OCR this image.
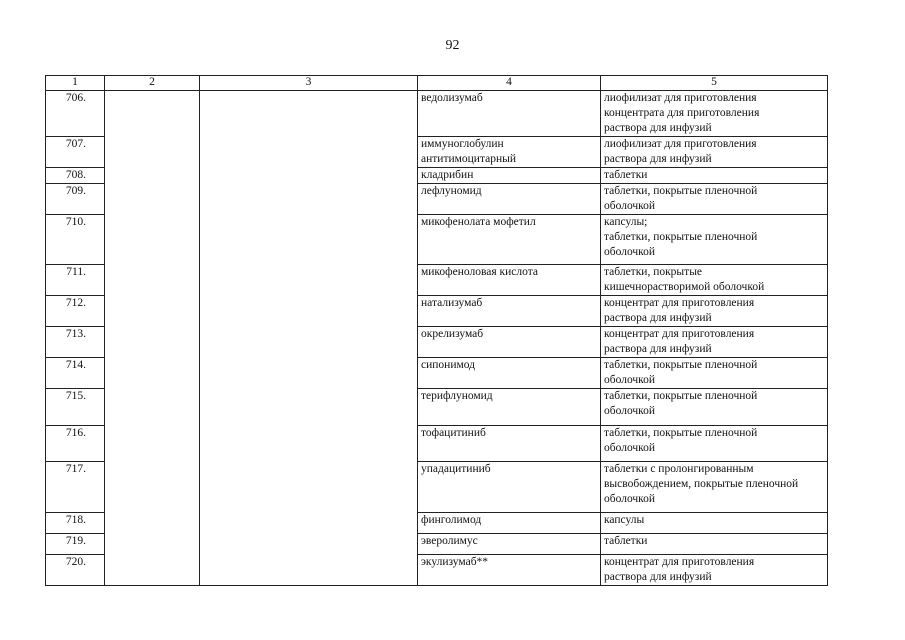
92
1	2	3	4	5
706.			ведолизумаб	лиофилизат для приготовления
концентрата для приготовления
раствора для инфузий
707.			иммуноглобулин
антитимоцитарный	лиофилизат для приготовления
раствора для инфузий
708.			кладрибин	таблетки
709.			лефлуномид	таблетки, покрытые пленочной
оболочкой
710.			микофенолата мофетил	капсулы;
таблетки, покрытые пленочной
оболочкой
711.			микофеноловая кислота	таблетки, покрытые
кишечнорастворимой оболочкой
712.			натализумаб	концентрат для приготовления
раствора для инфузий
713.			окрелизумаб	концентрат для приготовления
раствора для инфузий
714.			сипонимод	таблетки, покрытые пленочной
оболочкой
715.			терифлуномид	таблетки, покрытые пленочной
оболочкой
716.			тофацитиниб	таблетки, покрытые пленочной
оболочкой
717.			упадацитиниб	таблетки с пролонгированным
высвобождением, покрытые пленочной
оболочкой
718.			финголимод	капсулы
719.			эверолимус	таблетки
720.			экулизумаб**	концентрат для приготовления
раствора для инфузий
